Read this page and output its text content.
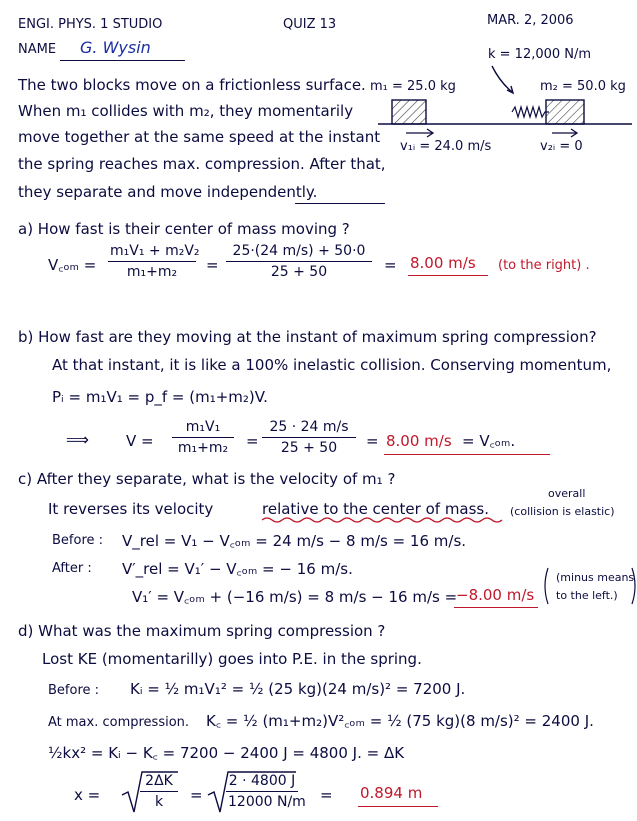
ENGI. PHYS. 1 STUDIO	QUIZ 13	MAR. 2, 2006
NAME G. Wysin
The two blocks move on a frictionless surface.
When m₁ collides with m₂, they momentarily
move together at the same speed at the instant
the spring reaches max. compression. After that,
they separate and move independently.
k = 12,000 N/m
m₁ = 25.0 kg	m₂ = 50.0 kg
v₁ᵢ = 24.0 m/s	v₂ᵢ = 0
a) How fast is their center of mass moving ?
V꜀ₒₘ =
m₁V₁ + m₂V₂
m₁+m₂	=
25·(24 m/s) + 50·0
25 + 50	= 8.00 m/s (to the right) .
b) How fast are they moving at the instant of maximum spring compression?
At that instant, it is like a 100% inelastic collision. Conserving momentum,
Pᵢ = m₁V₁ = p_f = (m₁+m₂)V.
⟹ V =
m₁V₁
m₁+m₂	=
25 · 24 m/s
25 + 50	= 8.00 m/s = V꜀ₒₘ.
c) After they separate, what is the velocity of m₁ ?
It reverses its velocity	relative to the center of mass. (collision is elastic)
overall
Before : V_rel = V₁ − V꜀ₒₘ = 24 m/s − 8 m/s = 16 m/s.
After : V′_rel = V₁′ − V꜀ₒₘ = − 16 m/s.
V₁′ = V꜀ₒₘ + (−16 m/s) = 8 m/s − 16 m/s =
−8.00 m/s
(minus means
to the left.)
d) What was the maximum spring compression ?
Lost KE (momentarilly) goes into P.E. in the spring.
Before : Kᵢ = ½ m₁V₁² = ½ (25 kg)(24 m/s)² = 7200 J.
At max. compression. K꜀ = ½ (m₁+m₂)V²꜀ₒₘ = ½ (75 kg)(8 m/s)² = 2400 J.
½kx² = Kᵢ − K꜀ = 7200 − 2400 J = 4800 J. = ΔK
x =
2ΔK
k	=
2 · 4800 J
12000 N/m = 0.894 m
